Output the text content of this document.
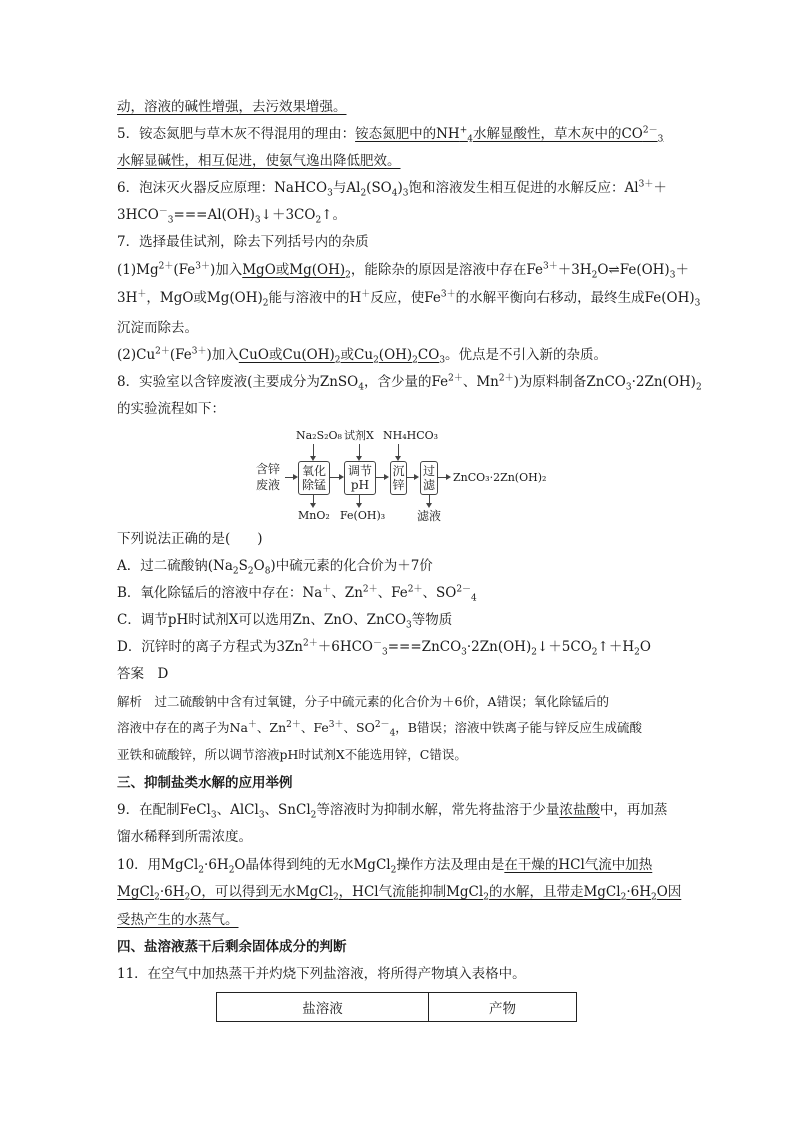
动，溶液的碱性增强，去污效果增强。
5．铵态氮肥与草木灰不得混用的理由：铵态氮肥中的$NH^+_4$水解显酸性，草木灰中的$CO^{2-}_3$
水解显碱性，相互促进，使氨气逸出降低肥效。
6．泡沫灭火器反应原理：NaHCO$_3$与$Al_2(SO_4)_3$饱和溶液发生相互促进的水解反应：$Al^{3+}+$
$3HCO^-_3===Al(OH)_3↓+3CO_2↑$。
7．选择最佳试剂，除去下列括号内的杂质
$(1)Mg^{2+}(Fe^{3+})$加入MgO或$Mg(OH)_2$，能除杂的原因是溶液中存在$Fe^{3+}+3H_2O\rightleftharpoons Fe(OH)_3+$
3H＋，MgO或$Mg(OH)_2$能与溶液中的H＋反应，使$Fe^{3+}$的水解平衡向右移动，最终生成$Fe(OH)_3$
沉淀而除去。
$(2)Cu^{2+}(Fe^{3+})$加入CuO或$Cu(OH)_2$或$Cu_2(OH)_2CO_3$。优点是不引入新的杂质。
8．实验室以含锌废液(主要成分为ZnSO$_4$，含少量的$Fe^{2+}$、$Mn^{2+}$)为原料制备$ZnCO_3\cdot 2Zn(OH)_2$
的实验流程如下：
Na₂S₂O₈ 试剂X NH₄HCO₃
含锌
废液
氧化
除锰
调节
pH
沉
锌
过
滤
ZnCO₃·2Zn(OH)₂
MnO₂ Fe(OH)₃	滤液
下列说法正确的是(　　)
A．过二硫酸钠$(Na_2S_2O_8)$中硫元素的化合价为＋7价
B．氧化除锰后的溶液中存在：Na＋、$Zn^{2+}$、$Fe^{2+}$、$SO^{2-}_4$
C．调节pH时试剂X可以选用Zn、ZnO、ZnCO$_3$等物质
D．沉锌时的离子方程式为$3Zn^{2+}+6HCO^-_3===ZnCO_3\cdot 2Zn(OH)_2↓+5CO_2↑+H_2O$
答案　D
解析　过二硫酸钠中含有过氧键，分子中硫元素的化合价为＋6价，A错误；氧化除锰后的
溶液中存在的离子为Na＋、$Zn^{2+}$、$Fe^{3+}$、$SO^{2-}_4$，B错误；溶液中铁离子能与锌反应生成硫酸
亚铁和硫酸锌，所以调节溶液pH时试剂X不能选用锌，C错误。
三、抑制盐类水解的应用举例
9．在配制FeCl$_3$、AlCl$_3$、SnCl$_2$等溶液时为抑制水解，常先将盐溶于少量浓盐酸中，再加蒸
馏水稀释到所需浓度。
10．用$MgCl_2\cdot 6H_2O$晶体得到纯的无水MgCl$_2$操作方法及理由是在干燥的HCl气流中加热
$MgCl_2\cdot 6H_2O$，可以得到无水MgCl$_2$，HCl气流能抑制MgCl$_2$的水解，且带走$MgCl_2\cdot 6H_2O$因
受热产生的水蒸气。
四、盐溶液蒸干后剩余固体成分的判断
11．在空气中加热蒸干并灼烧下列盐溶液，将所得产物填入表格中。
盐溶液	产物
